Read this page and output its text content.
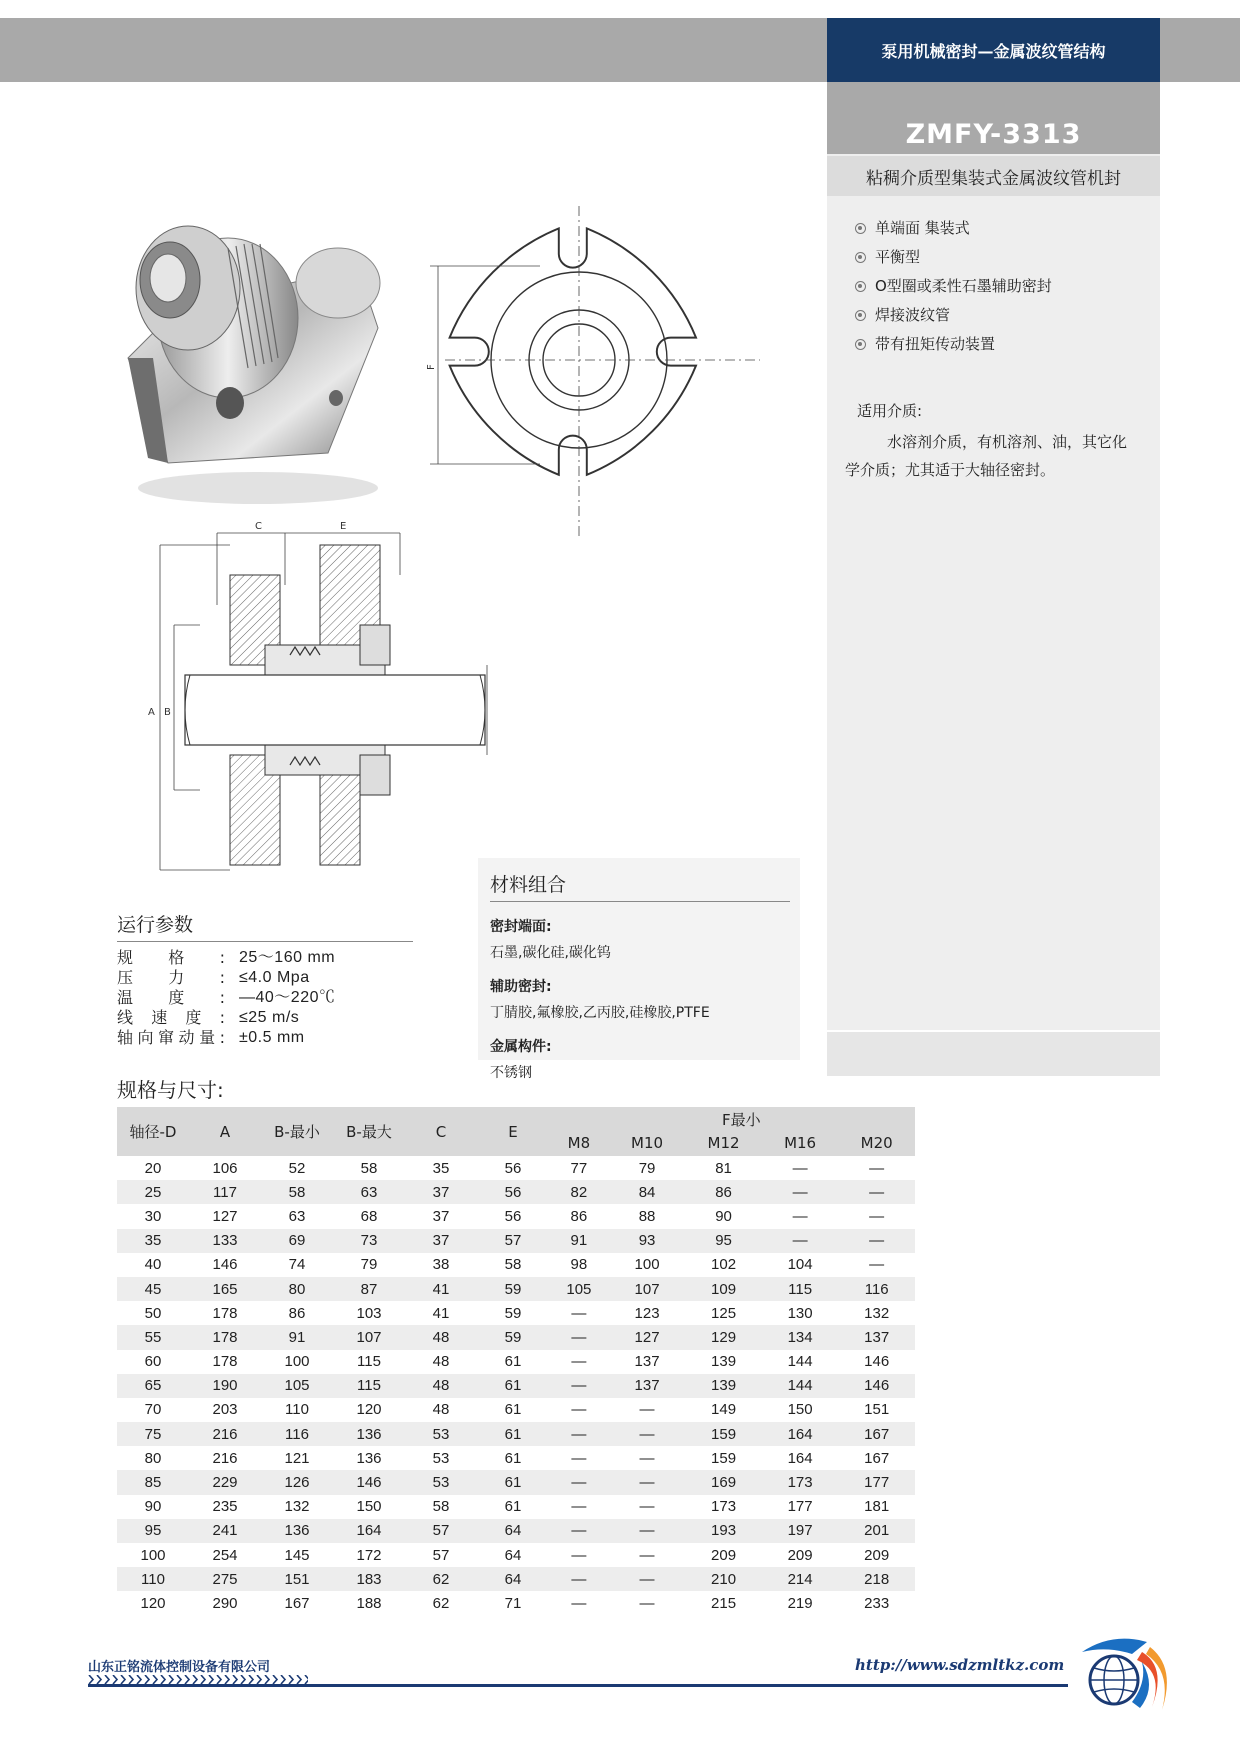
泵用机械密封—金属波纹管结构
ZMFY-3313
粘稠介质型集装式金属波纹管机封
单端面 集装式
平衡型
O型圈或柔性石墨辅助密封
焊接波纹管
带有扭矩传动装置
适用介质:
水溶剂介质，有机溶剂、油，其它化学介质；尤其适于大轴径密封。
F
C	E
A B
运行参数
规格:	25～160 mm
压力:	≤4.0 Mpa
温度:	—40～220℃
线速度:	≤25 m/s
轴向窜动量:	±0.5 mm
材料组合
密封端面:
石墨,碳化硅,碳化钨
辅助密封:
丁腈胶,氟橡胶,乙丙胶,硅橡胶,PTFE
金属构件:
不锈钢
规格与尺寸:
轴径-D	A	B-最小	B-最大	C	E	F最小				
						M8	M10	M12	M16	M20
20	106	52	58	35	56	77	79	81	—	—
25	117	58	63	37	56	82	84	86	—	—
30	127	63	68	37	56	86	88	90	—	—
35	133	69	73	37	57	91	93	95	—	—
40	146	74	79	38	58	98	100	102	104	—
45	165	80	87	41	59	105	107	109	115	116
50	178	86	103	41	59	—	123	125	130	132
55	178	91	107	48	59	—	127	129	134	137
60	178	100	115	48	61	—	137	139	144	146
65	190	105	115	48	61	—	137	139	144	146
70	203	110	120	48	61	—	—	149	150	151
75	216	116	136	53	61	—	—	159	164	167
80	216	121	136	53	61	—	—	159	164	167
85	229	126	146	53	61	—	—	169	173	177
90	235	132	150	58	61	—	—	173	177	181
95	241	136	164	57	64	—	—	193	197	201
100	254	145	172	57	64	—	—	209	209	209
110	275	151	183	62	64	—	—	210	214	218
120	290	167	188	62	71	—	—	215	219	233
山东正铭流体控制设备有限公司	http://www.sdzmltkz.com
